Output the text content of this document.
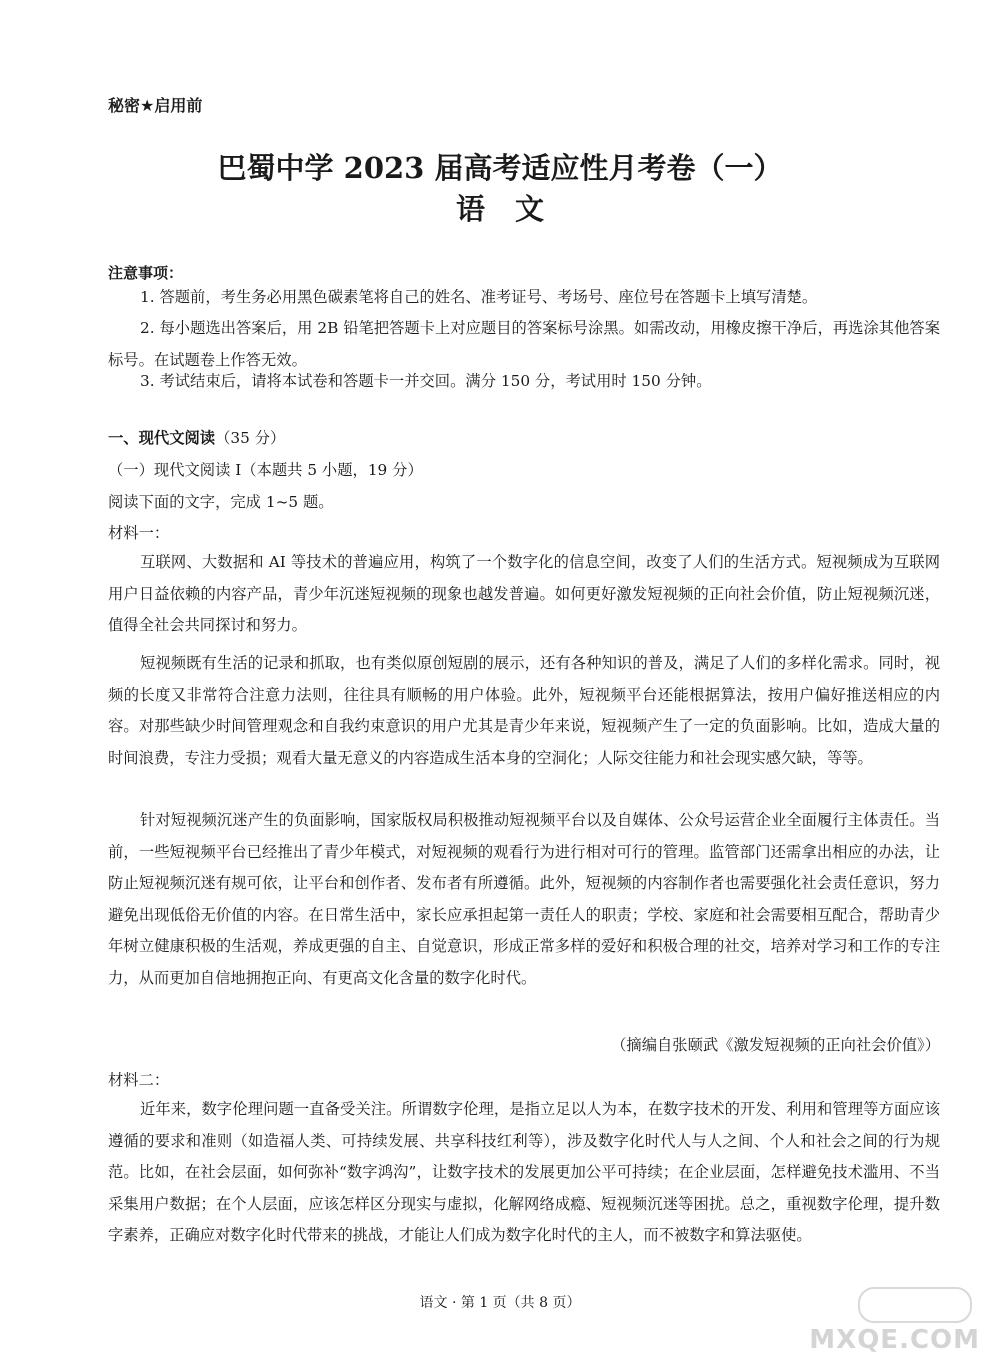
秘密★启用前
巴蜀中学 2023 届高考适应性月考卷（一）
语文
注意事项：
1. 答题前，考生务必用黑色碳素笔将自己的姓名、准考证号、考场号、座位号在答题卡上填写清楚。
2. 每小题选出答案后，用 2B 铅笔把答题卡上对应题目的答案标号涂黑。如需改动，用橡皮擦干净后，再选涂其他答案标号。在试题卷上作答无效。
3. 考试结束后，请将本试卷和答题卡一并交回。满分 150 分，考试用时 150 分钟。
一、现代文阅读（35 分）
（一）现代文阅读 I（本题共 5 小题，19 分）
阅读下面的文字，完成 1~5 题。
材料一：
互联网、大数据和 AI 等技术的普遍应用，构筑了一个数字化的信息空间，改变了人们的生活方式。短视频成为互联网用户日益依赖的内容产品，青少年沉迷短视频的现象也越发普遍。如何更好激发短视频的正向社会价值，防止短视频沉迷，值得全社会共同探讨和努力。
短视频既有生活的记录和抓取，也有类似原创短剧的展示，还有各种知识的普及，满足了人们的多样化需求。同时，视频的长度又非常符合注意力法则，往往具有顺畅的用户体验。此外，短视频平台还能根据算法，按用户偏好推送相应的内容。对那些缺少时间管理观念和自我约束意识的用户尤其是青少年来说，短视频产生了一定的负面影响。比如，造成大量的时间浪费，专注力受损；观看大量无意义的内容造成生活本身的空洞化；人际交往能力和社会现实感欠缺，等等。
针对短视频沉迷产生的负面影响，国家版权局积极推动短视频平台以及自媒体、公众号运营企业全面履行主体责任。当前，一些短视频平台已经推出了青少年模式，对短视频的观看行为进行相对可行的管理。监管部门还需拿出相应的办法，让防止短视频沉迷有规可依，让平台和创作者、发布者有所遵循。此外，短视频的内容制作者也需要强化社会责任意识，努力避免出现低俗无价值的内容。在日常生活中，家长应承担起第一责任人的职责；学校、家庭和社会需要相互配合，帮助青少年树立健康积极的生活观，养成更强的自主、自觉意识，形成正常多样的爱好和积极合理的社交，培养对学习和工作的专注力，从而更加自信地拥抱正向、有更高文化含量的数字化时代。
（摘编自张颐武《激发短视频的正向社会价值》）
材料二：
近年来，数字伦理问题一直备受关注。所谓数字伦理，是指立足以人为本，在数字技术的开发、利用和管理等方面应该遵循的要求和准则（如造福人类、可持续发展、共享科技红利等），涉及数字化时代人与人之间、个人和社会之间的行为规范。比如，在社会层面，如何弥补“数字鸿沟”，让数字技术的发展更加公平可持续；在企业层面，怎样避免技术滥用、不当采集用户数据；在个人层面，应该怎样区分现实与虚拟，化解网络成瘾、短视频沉迷等困扰。总之，重视数字伦理，提升数字素养，正确应对数字化时代带来的挑战，才能让人们成为数字化时代的主人，而不被数字和算法驱使。
语文 · 第 1 页（共 8 页）
MXQE.COM
